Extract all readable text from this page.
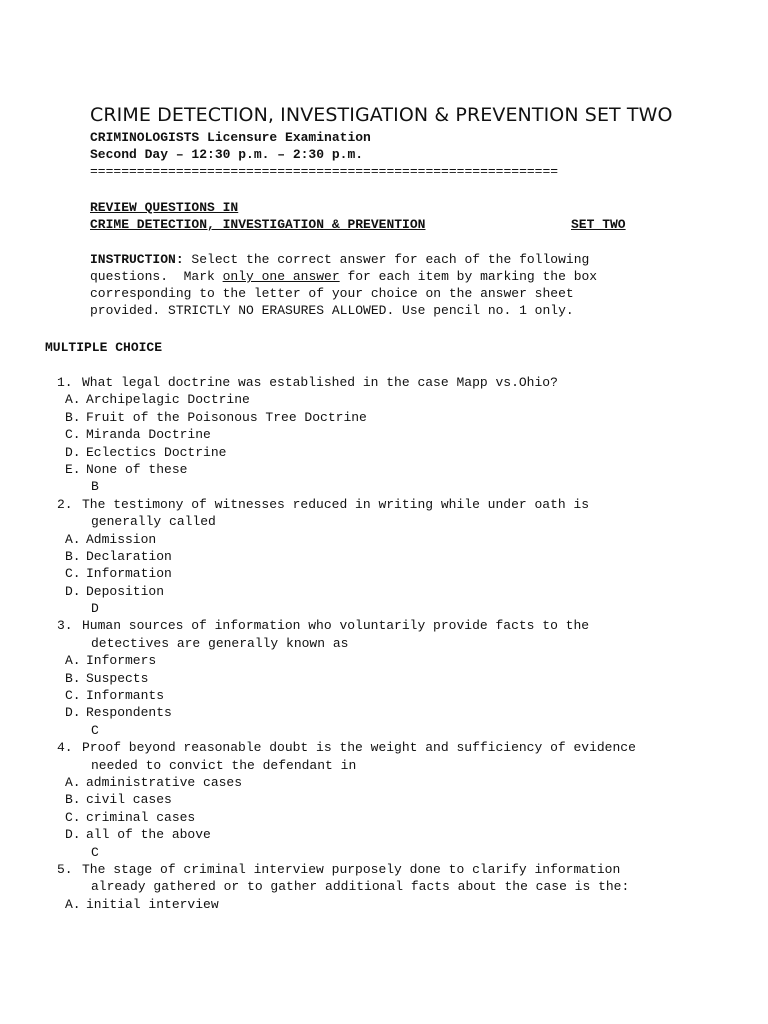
CRIME DETECTION, INVESTIGATION & PREVENTION SET TWO
CRIMINOLOGISTS Licensure Examination
Second Day – 12:30 p.m. – 2:30 p.m.
============================================================
REVIEW QUESTIONS IN
CRIME DETECTION, INVESTIGATION & PREVENTION	SET TWO
INSTRUCTION: Select the correct answer for each of the following
questions.  Mark only one answer for each item by marking the box
corresponding to the letter of your choice on the answer sheet
provided. STRICTLY NO ERASURES ALLOWED. Use pencil no. 1 only.
MULTIPLE CHOICE
1. What legal doctrine was established in the case Mapp vs.Ohio?
A. Archipelagic Doctrine
B. Fruit of the Poisonous Tree Doctrine
C. Miranda Doctrine
D. Eclectics Doctrine
E. None of these
B
2. The testimony of witnesses reduced in writing while under oath is
generally called
A. Admission
B. Declaration
C. Information
D. Deposition
D
3. Human sources of information who voluntarily provide facts to the
detectives are generally known as
A. Informers
B. Suspects
C. Informants
D. Respondents
C
4. Proof beyond reasonable doubt is the weight and sufficiency of evidence
needed to convict the defendant in
A. administrative cases
B. civil cases
C. criminal cases
D. all of the above
C
5. The stage of criminal interview purposely done to clarify information
already gathered or to gather additional facts about the case is the:
A. initial interview
